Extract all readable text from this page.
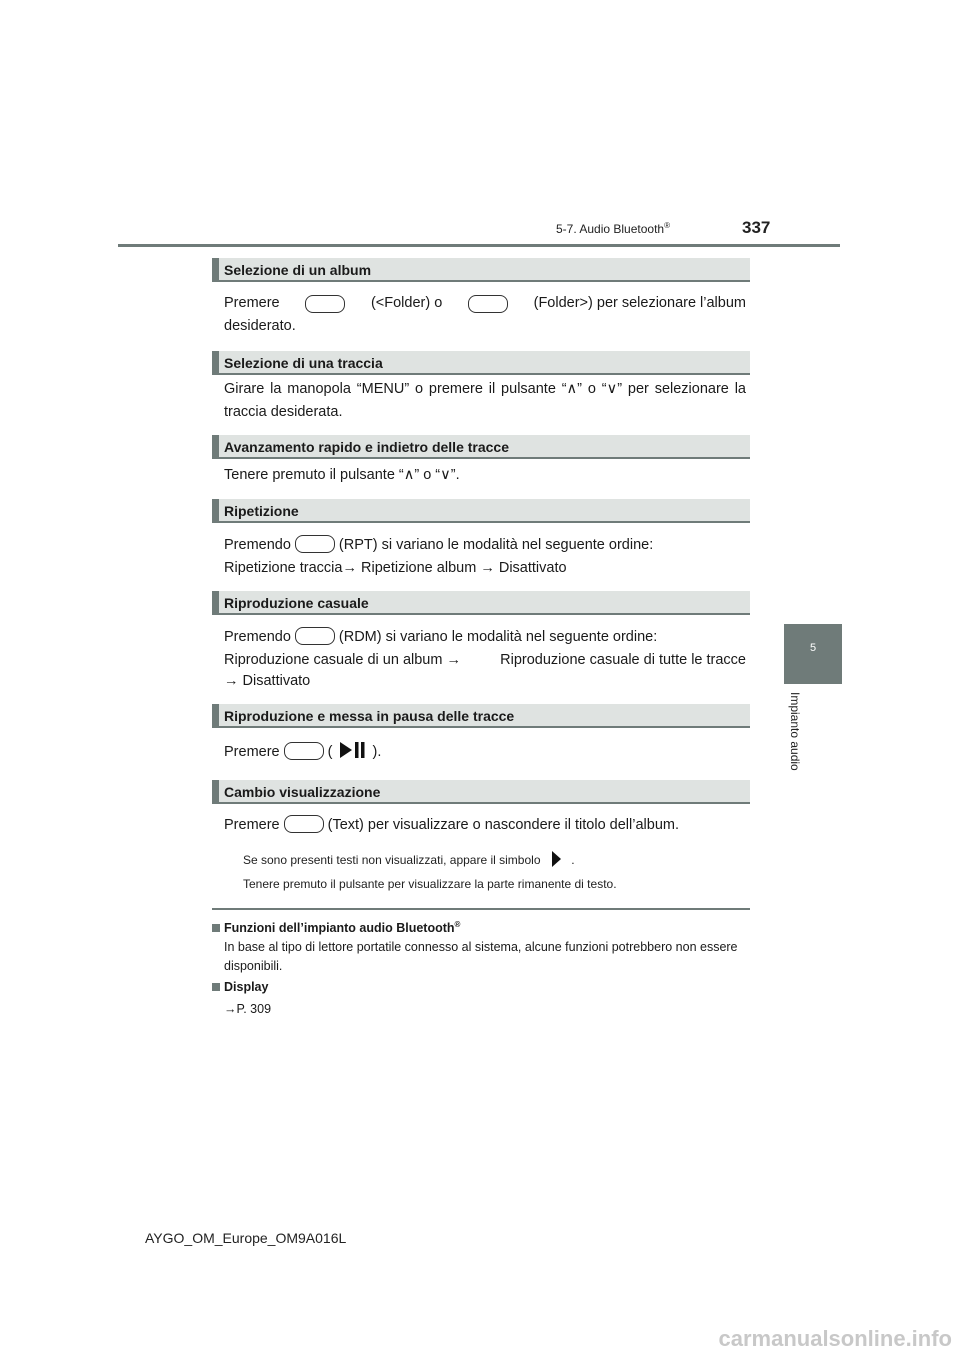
5-7. Audio Bluetooth®	337
5
Impianto audio
Selezione di un album
Premere	(<Folder) o	(Folder>) per selezionare l’album
desiderato.
Selezione di una traccia
Girare la manopola “MENU” o premere il pulsante “∧” o “∨” per selezionare la traccia desiderata.
Avanzamento rapido e indietro delle tracce
Tenere premuto il pulsante “∧” o “∨”.
Ripetizione
Premendo	(RPT) si variano le modalità nel seguente ordine:
Ripetizione traccia→ Ripetizione album → Disattivato
Riproduzione casuale
Premendo	(RDM) si variano le modalità nel seguente ordine:
Riproduzione casuale di un album →	Riproduzione casuale di tutte le tracce
→ Disattivato
Riproduzione e messa in pausa delle tracce
Premere	(	).
Cambio visualizzazione
Premere	(Text) per visualizzare o nascondere il titolo dell’album.
Se sono presenti testi non visualizzati, appare il simbolo	.
Tenere premuto il pulsante per visualizzare la parte rimanente di testo.
Funzioni dell’impianto audio Bluetooth®
In base al tipo di lettore portatile connesso al sistema, alcune funzioni potrebbero non essere disponibili.
Display
→P. 309
AYGO_OM_Europe_OM9A016L
carmanualsonline.info
